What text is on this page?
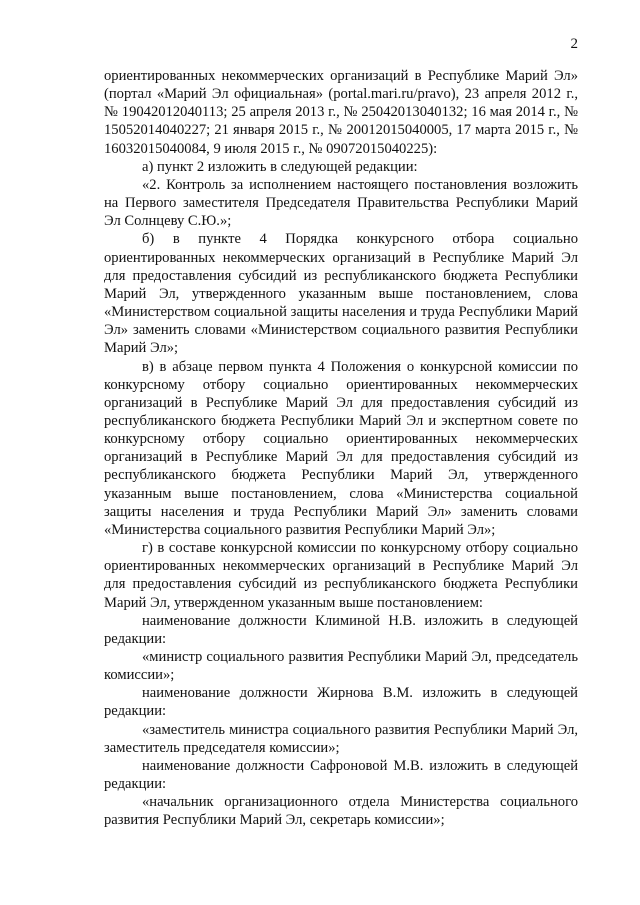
2

ориентированных некоммерческих организаций в Республике Марий Эл» (портал «Марий Эл официальная» (portal.mari.ru/pravo), 23 апреля 2012 г., № 19042012040113; 25 апреля 2013 г., № 25042013040132; 16 мая 2014 г., № 15052014040227; 21 января 2015 г., № 20012015040005, 17 марта 2015 г., № 16032015040084, 9 июля 2015 г., № 09072015040225):

а) пункт 2 изложить в следующей редакции:

«2. Контроль за исполнением настоящего постановления возложить на Первого заместителя Председателя Правительства Республики Марий Эл Солнцеву С.Ю.»;

б) в пункте 4 Порядка конкурсного отбора социально ориентированных некоммерческих организаций в Республике Марий Эл для предоставления субсидий из республиканского бюджета Республики Марий Эл, утвержденного указанным выше постановлением, слова «Министерством социальной защиты населения и труда Республики Марий Эл» заменить словами «Министерством социального развития Республики Марий Эл»;

в) в абзаце первом пункта 4 Положения о конкурсной комиссии по конкурсному отбору социально ориентированных некоммерческих организаций в Республике Марий Эл для предоставления субсидий из республиканского бюджета Республики Марий Эл и экспертном совете по конкурсному отбору социально ориентированных некоммерческих организаций в Республике Марий Эл для предоставления субсидий из республиканского бюджета Республики Марий Эл, утвержденного указанным выше постановлением, слова «Министерства социальной защиты населения и труда Республики Марий Эл» заменить словами «Министерства социального развития Республики Марий Эл»;

г) в составе конкурсной комиссии по конкурсному отбору социально ориентированных некоммерческих организаций в Республике Марий Эл для предоставления субсидий из республиканского бюджета Республики Марий Эл, утвержденном указанным выше постановлением:

наименование должности Климиной Н.В. изложить в следующей редакции:

«министр социального развития Республики Марий Эл, председатель комиссии»;

наименование должности Жирнова В.М. изложить в следующей редакции:

«заместитель министра социального развития Республики Марий Эл, заместитель председателя комиссии»;

наименование должности Сафроновой М.В. изложить в следующей редакции:

«начальник организационного отдела Министерства социального развития Республики Марий Эл, секретарь комиссии»;
